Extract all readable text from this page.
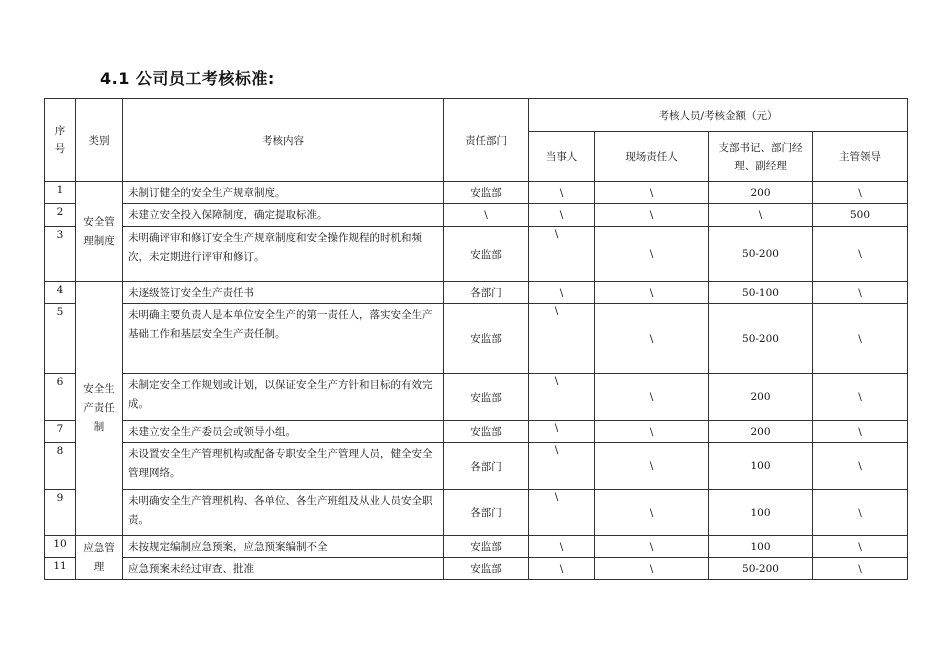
4.1 公司员工考核标准:
序号	类别	考核内容	责任部门	考核人员/考核金额（元）			
				当事人	现场责任人	支部书记、部门经理、副经理	主管领导
1	安全管理制度	未制订健全的安全生产规章制度。	安监部	\	\	200	\
2		未建立安全投入保障制度，确定提取标准。	\	\	\	\	500
3		未明确评审和修订安全生产规章制度和安全操作规程的时机和频次，未定期进行评审和修订。	安监部	\	\	50-200	\
4	安全生产责任制	未逐级签订安全生产责任书	各部门	\	\	50-100	\
5		未明确主要负责人是本单位安全生产的第一责任人，落实安全生产基础工作和基层安全生产责任制。	安监部	\	\	50-200	\
6		未制定安全工作规划或计划，以保证安全生产方针和目标的有效完成。	安监部	\	\	200	\
7		未建立安全生产委员会或领导小组。	安监部	\	\	200	\
8		未设置安全生产管理机构或配备专职安全生产管理人员，健全安全管理网络。	各部门	\	\	100	\
9		未明确安全生产管理机构、各单位、各生产班组及从业人员安全职责。	各部门	\	\	100	\
10	应急管理	未按规定编制应急预案，应急预案编制不全	安监部	\	\	100	\
11		应急预案未经过审查、批准	安监部	\	\	50-200	\
